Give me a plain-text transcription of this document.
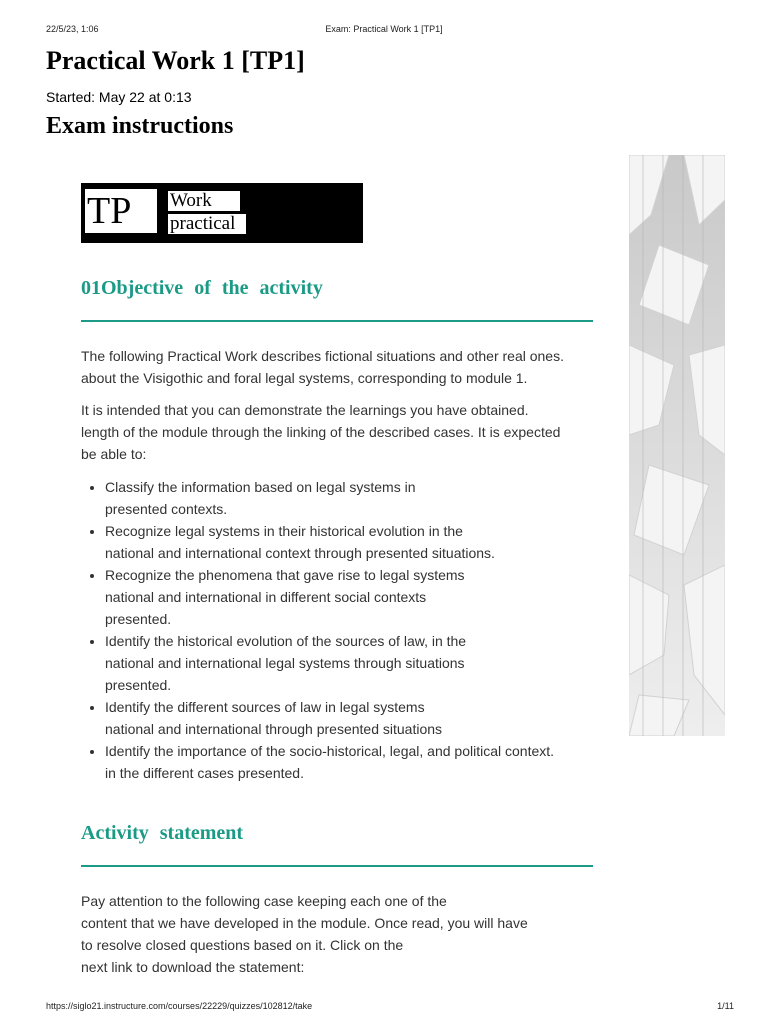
22/5/23, 1:06	Exam: Practical Work 1 [TP1]
Practical Work 1 [TP1]
Started: May 22 at 0:13
Exam instructions
TP	Work
practical
01Objective of the activity

The following Practical Work describes fictional situations and other real ones.
about the Visigothic and foral legal systems, corresponding to module 1.

It is intended that you can demonstrate the learnings you have obtained.
length of the module through the linking of the described cases. It is expected
be able to:

• Classify the information based on legal systems in
presented contexts.
• Recognize legal systems in their historical evolution in the
national and international context through presented situations.
• Recognize the phenomena that gave rise to legal systems
national and international in different social contexts
presented.
• Identify the historical evolution of the sources of law, in the
national and international legal systems through situations
presented.
• Identify the different sources of law in legal systems
national and international through presented situations
• Identify the importance of the socio-historical, legal, and political context.
in the different cases presented.
Activity statement

Pay attention to the following case keeping each one of the
content that we have developed in the module. Once read, you will have
to resolve closed questions based on it. Click on the
next link to download the statement:

https://siglo21.instructure.com/courses/22229/quizzes/102812/take	1/11
